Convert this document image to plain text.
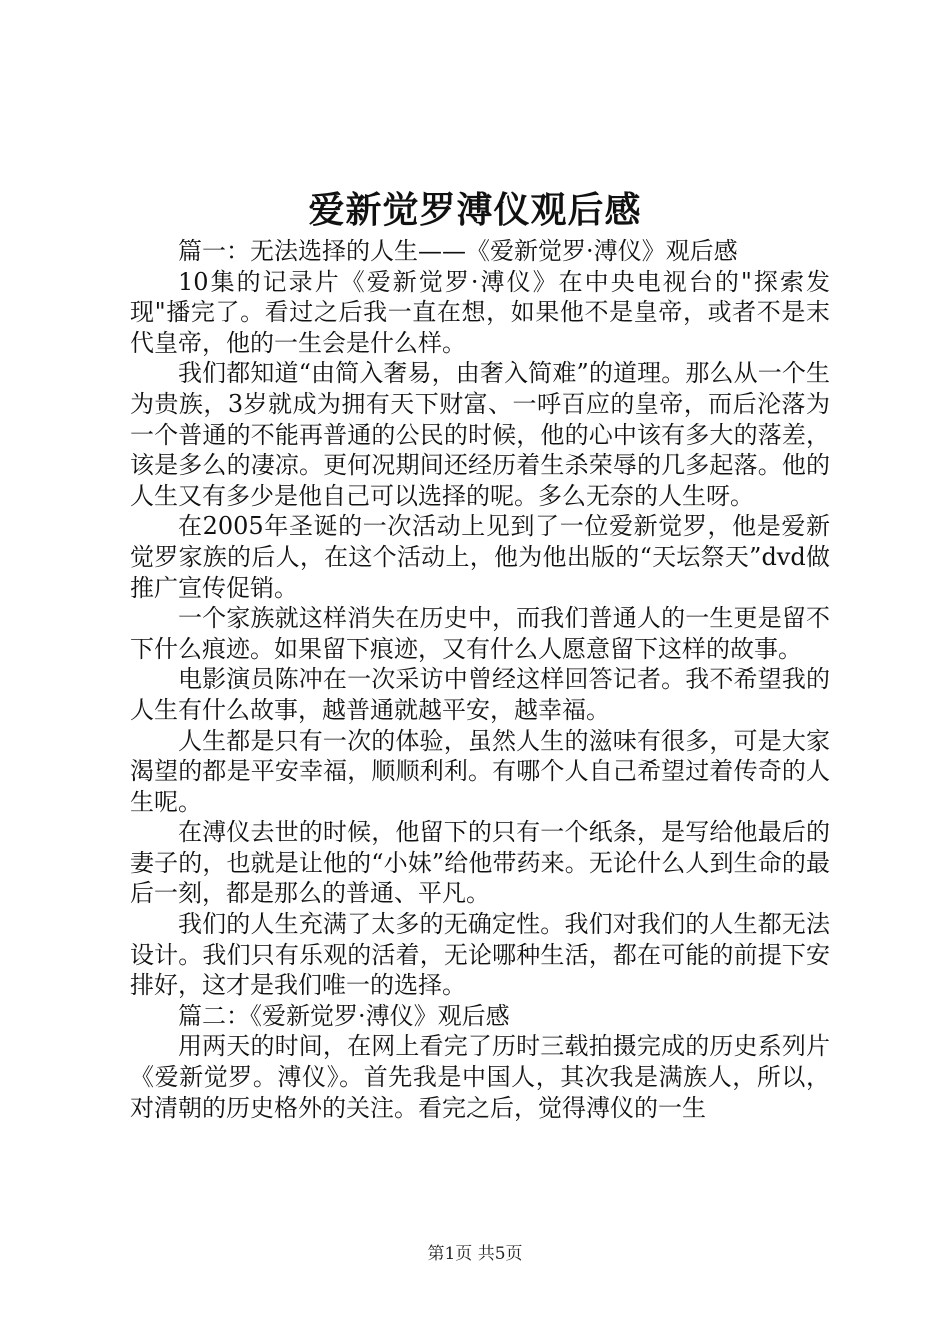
爱新觉罗溥仪观后感

篇一：无法选择的人生——《爱新觉罗·溥仪》观后感

10集的记录片《爱新觉罗·溥仪》在中央电视台的"探索发现"播完了。看过之后我一直在想，如果他不是皇帝，或者不是末代皇帝，他的一生会是什么样。

我们都知道“由简入奢易，由奢入简难”的道理。那么从一个生为贵族，3岁就成为拥有天下财富、一呼百应的皇帝，而后沦落为一个普通的不能再普通的公民的时候，他的心中该有多大的落差，该是多么的凄凉。更何况期间还经历着生杀荣辱的几多起落。他的人生又有多少是他自己可以选择的呢。多么无奈的人生呀。

在2005年圣诞的一次活动上见到了一位爱新觉罗，他是爱新觉罗家族的后人，在这个活动上，他为他出版的“天坛祭天”dvd做推广宣传促销。

一个家族就这样消失在历史中，而我们普通人的一生更是留不下什么痕迹。如果留下痕迹，又有什么人愿意留下这样的故事。

电影演员陈冲在一次采访中曾经这样回答记者。我不希望我的人生有什么故事，越普通就越平安，越幸福。

人生都是只有一次的体验，虽然人生的滋味有很多，可是大家渴望的都是平安幸福，顺顺利利。有哪个人自己希望过着传奇的人生呢。

在溥仪去世的时候，他留下的只有一个纸条，是写给他最后的妻子的，也就是让他的“小妹”给他带药来。无论什么人到生命的最后一刻，都是那么的普通、平凡。

我们的人生充满了太多的无确定性。我们对我们的人生都无法设计。我们只有乐观的活着，无论哪种生活，都在可能的前提下安排好，这才是我们唯一的选择。

篇二：《爱新觉罗·溥仪》观后感

用两天的时间，在网上看完了历时三载拍摄完成的历史系列片《爱新觉罗。溥仪》。首先我是中国人，其次我是满族人，所以，对清朝的历史格外的关注。看完之后，觉得溥仪的一生

第1页 共5页
